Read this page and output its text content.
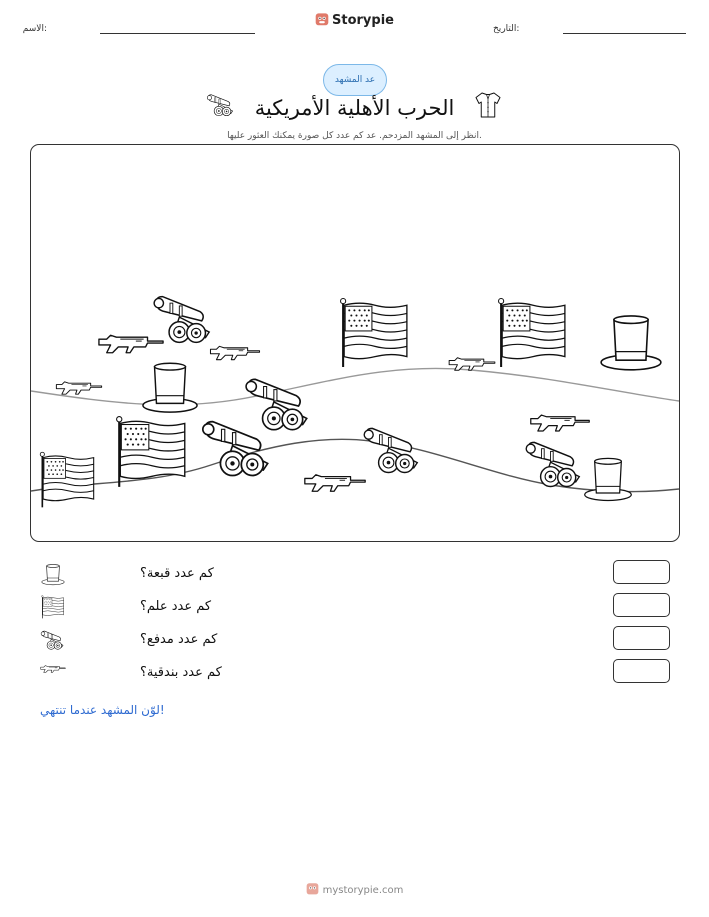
الاسم:	التاريخ:
Storypie
عد المشهد
الحرب الأهلية الأمريكية
انظر إلى المشهد المزدحم. عد كم عدد كل صورة يمكنك العثور عليها.
كم عدد قبعة؟
كم عدد علم؟
كم عدد مدفع؟
كم عدد بندقية؟
لوّن المشهد عندما تنتهي!
mystorypie.com
